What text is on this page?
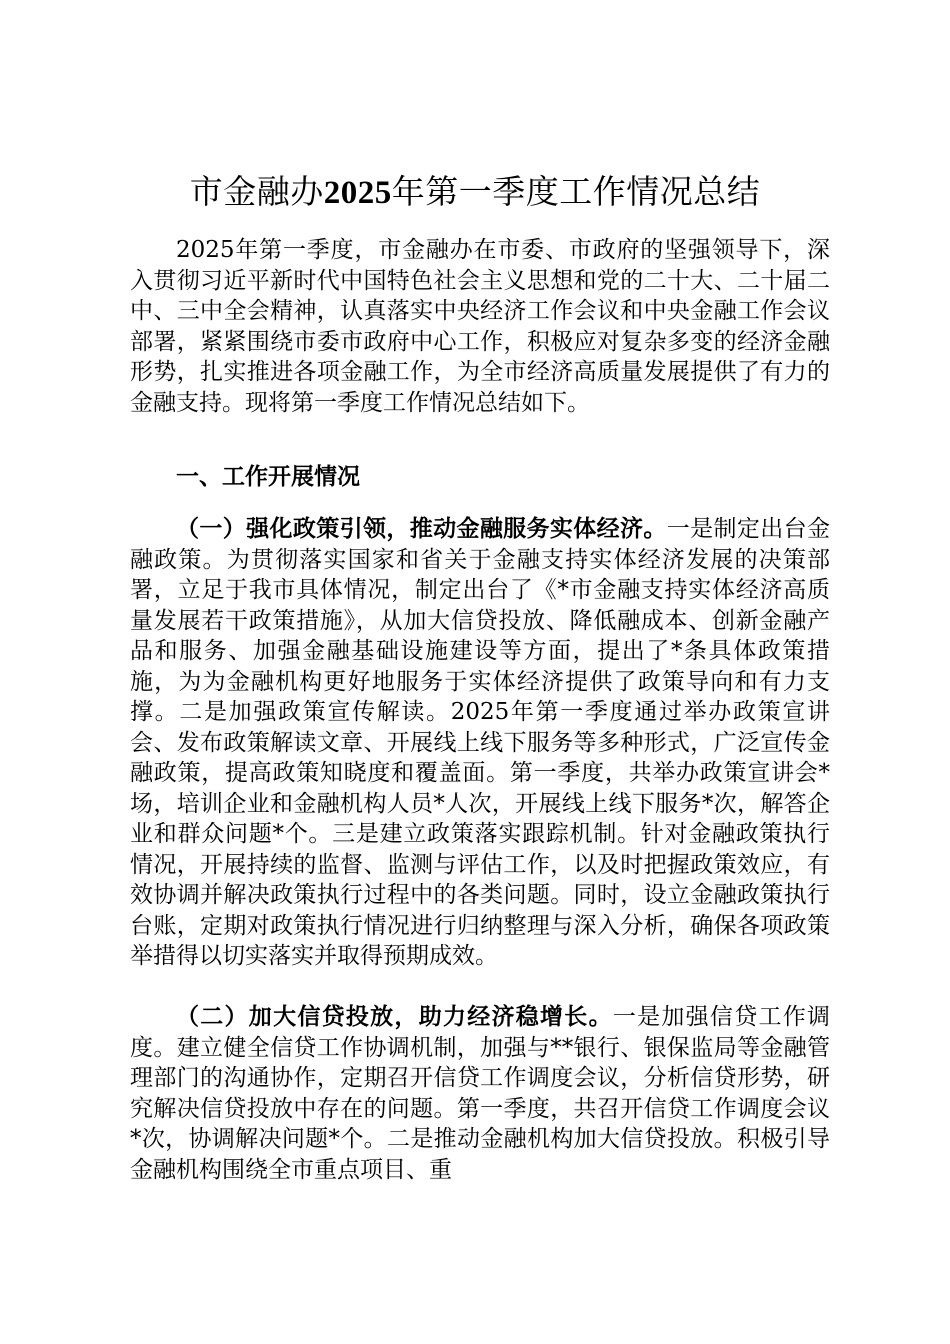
市金融办2025年第一季度工作情况总结

2025年第一季度，市金融办在市委、市政府的坚强领导下，深入贯彻习近平新时代中国特色社会主义思想和党的二十大、二十届二中、三中全会精神，认真落实中央经济工作会议和中央金融工作会议部署，紧紧围绕市委市政府中心工作，积极应对复杂多变的经济金融形势，扎实推进各项金融工作，为全市经济高质量发展提供了有力的金融支持。现将第一季度工作情况总结如下。

一、工作开展情况

（一）强化政策引领，推动金融服务实体经济。一是制定出台金融政策。为贯彻落实国家和省关于金融支持实体经济发展的决策部署，立足于我市具体情况，制定出台了《*市金融支持实体经济高质量发展若干政策措施》，从加大信贷投放、降低融成本、创新金融产品和服务、加强金融基础设施建设等方面，提出了*条具体政策措施，为为金融机构更好地服务于实体经济提供了政策导向和有力支撑。二是加强政策宣传解读。2025年第一季度通过举办政策宣讲会、发布政策解读文章、开展线上线下服务等多种形式，广泛宣传金融政策，提高政策知晓度和覆盖面。第一季度，共举办政策宣讲会*场，培训企业和金融机构人员*人次，开展线上线下服务*次，解答企业和群众问题*个。三是建立政策落实跟踪机制。针对金融政策执行情况，开展持续的监督、监测与评估工作，以及时把握政策效应，有效协调并解决政策执行过程中的各类问题。同时，设立金融政策执行台账，定期对政策执行情况进行归纳整理与深入分析，确保各项政策举措得以切实落实并取得预期成效。

（二）加大信贷投放，助力经济稳增长。一是加强信贷工作调度。建立健全信贷工作协调机制，加强与**银行、银保监局等金融管理部门的沟通协作，定期召开信贷工作调度会议，分析信贷形势，研究解决信贷投放中存在的问题。第一季度，共召开信贷工作调度会议*次，协调解决问题*个。二是推动金融机构加大信贷投放。积极引导金融机构围绕全市重点项目、重
